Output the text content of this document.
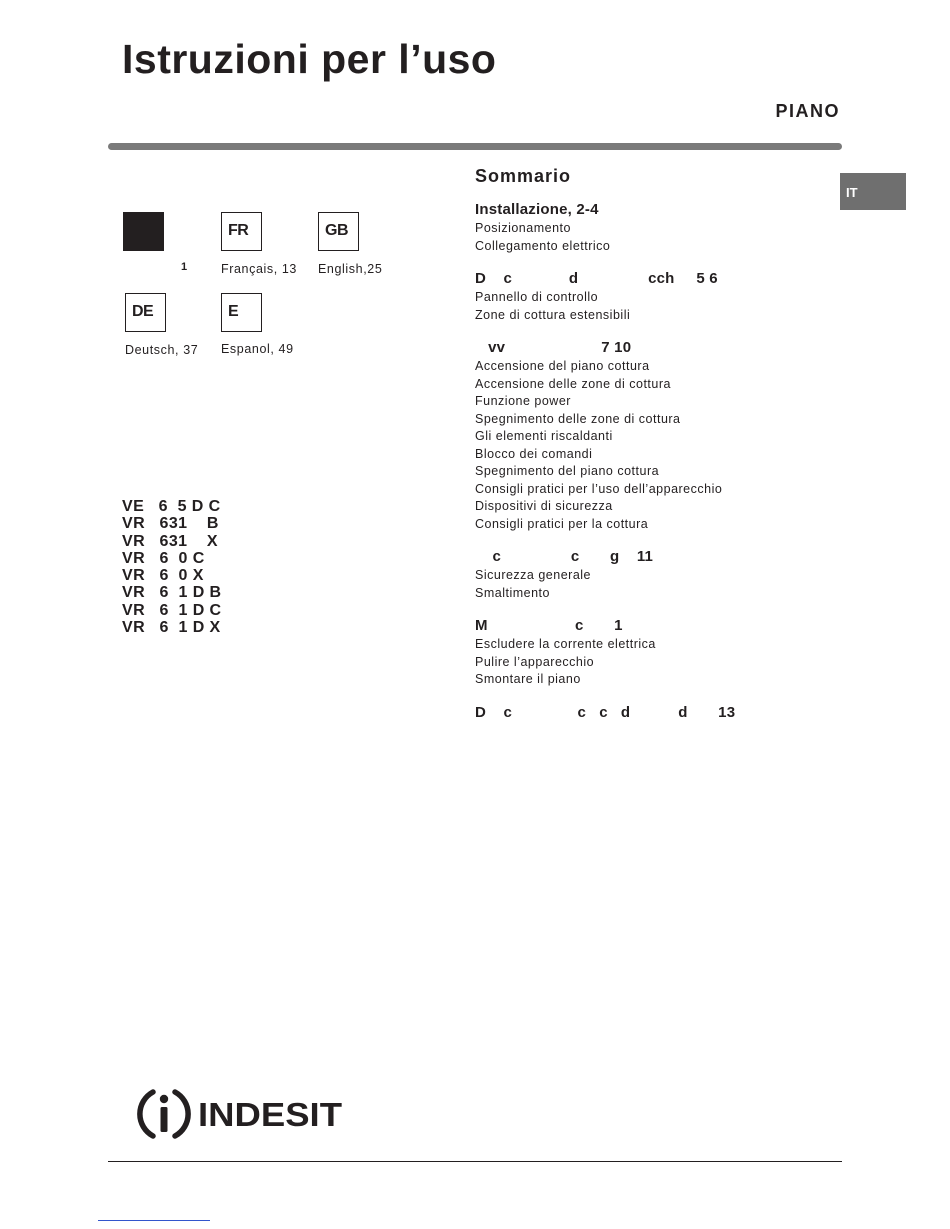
Istruzioni per l’uso
PIANO
IT
1
FR
Français, 13
GB
English,25
DE
Deutsch, 37
E
Espanol, 49
VE   6  5 D C
VR   631    B
VR   631    X
VR   6  0 C
VR   6  0 X
VR   6  1 D B
VR   6  1 D C
VR   6  1 D X
Sommario
Installazione, 2-4
Posizionamento
Collegamento elettrico
D    c             d                cch     5 6
Pannello di controllo
Zone di cottura estensibili
vv                      7 10
Accensione del piano cottura
Accensione delle zone di cottura
Funzione power
Spegnimento delle zone di cottura
Gli elementi riscaldanti
Blocco dei comandi
Spegnimento del piano cottura
Consigli pratici per l’uso dell’apparecchio
Dispositivi di sicurezza
Consigli pratici per la cottura
c                c       g    11
Sicurezza generale
Smaltimento
M                    c       1
Escludere la corrente elettrica
Pulire l’apparecchio
Smontare il piano
D    c               c   c   d           d       13
INDESIT
